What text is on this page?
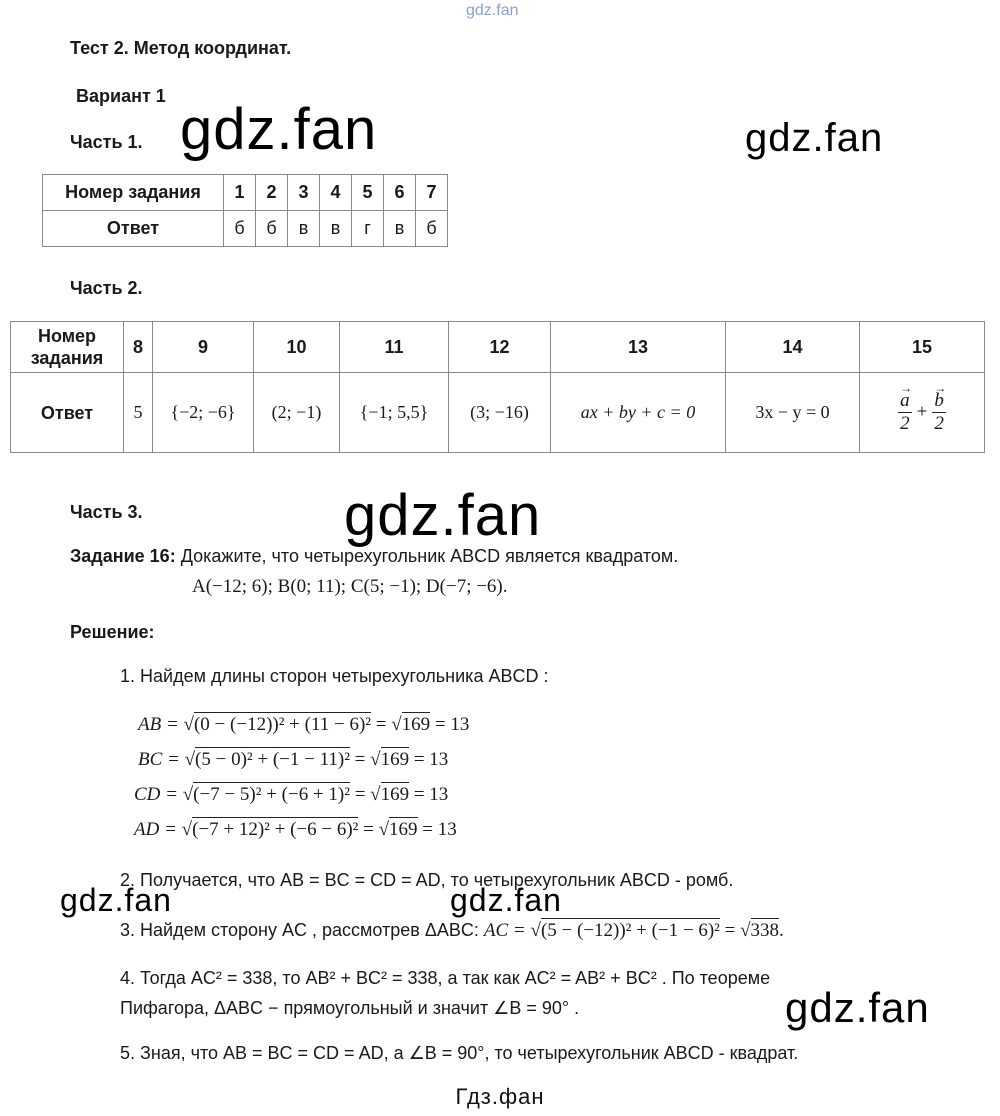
gdz.fan
gdz.fan	gdz.fan
gdz.fan
gdz.fan	gdz.fan
gdz.fan
Тест 2. Метод координат.
Вариант 1
Часть 1.
Номер задания	1	2	3	4	5	6	7
Ответ	б	б	в	в	г	в	б
Часть 2.
Номер
задания	8	9	10	11	12	13	14	15
Ответ	5	{−2; −6}	(2; −1)	{−1; 5,5}	(3; −16)	ax + by + c = 0	3x − y = 0	→ $\frac{a}{2}$ + → $\frac{b}{2}$
Часть 3.
Задание 16: Докажите, что четырехугольник ABCD является квадратом.
A(−12; 6); B(0; 11); C(5; −1); D(−7; −6).
Решение:
1. Найдем длины сторон четырехугольника ABCD :
AB = √(0 − (−12))² + (11 − 6)² = √169 = 13
BC = √(5 − 0)² + (−1 − 11)² = √169 = 13
CD = √(−7 − 5)² + (−6 + 1)² = √169 = 13
AD = √(−7 + 12)² + (−6 − 6)² = √169 = 13
2. Получается, что AB = BC = CD = AD, то четырехугольник ABCD - ромб.
3. Найдем сторону AC , рассмотрев ΔABC: AC = √(5 − (−12))² + (−1 − 6)² = √338.
4. Тогда AC² = 338, то AB² + BC² = 338, а так как AC² = AB² + BC² . По теореме
Пифагора, ΔABC − прямоугольный и значит ∠B = 90° .
5. Зная, что AB = BC = CD = AD, а ∠B = 90°, то четырехугольник ABCD - квадрат.
Гдз.фан
